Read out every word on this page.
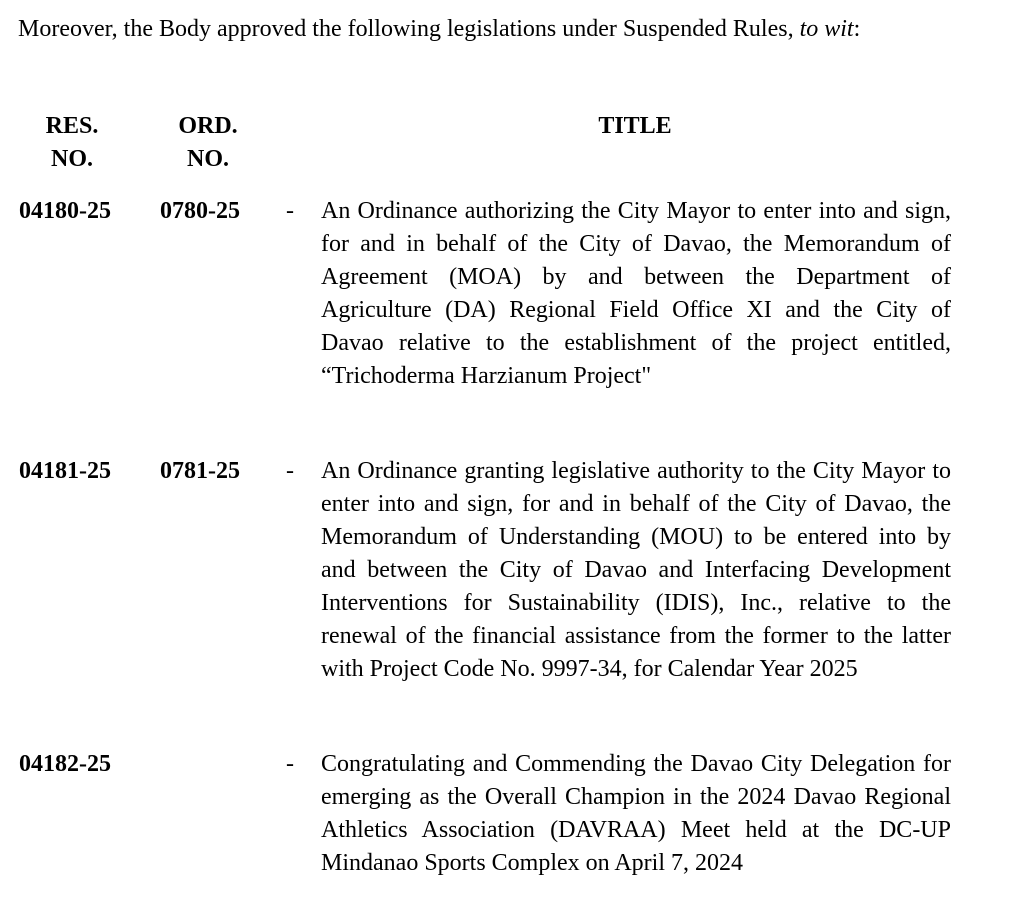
Moreover, the Body approved the following legislations under Suspended Rules, to wit:
RES. NO.
ORD. NO.
TITLE
04180-25 0780-25 - An Ordinance authorizing the City Mayor to enter into and sign, for and in behalf of the City of Davao, the Memorandum of Agreement (MOA) by and between the Department of Agriculture (DA) Regional Field Office XI and the City of Davao relative to the establishment of the project entitled, “Trichoderma Harzianum Project"
04181-25 0781-25 - An Ordinance granting legislative authority to the City Mayor to enter into and sign, for and in behalf of the City of Davao, the Memorandum of Understanding (MOU) to be entered into by and between the City of Davao and Interfacing Development Interventions for Sustainability (IDIS), Inc., relative to the renewal of the financial assistance from the former to the latter with Project Code No. 9997-34, for Calendar Year 2025
04182-25	- Congratulating and Commending the Davao City Delegation for emerging as the Overall Champion in the 2024 Davao Regional Athletics Association (DAVRAA) Meet held at the DC-UP Mindanao Sports Complex on April 7, 2024
